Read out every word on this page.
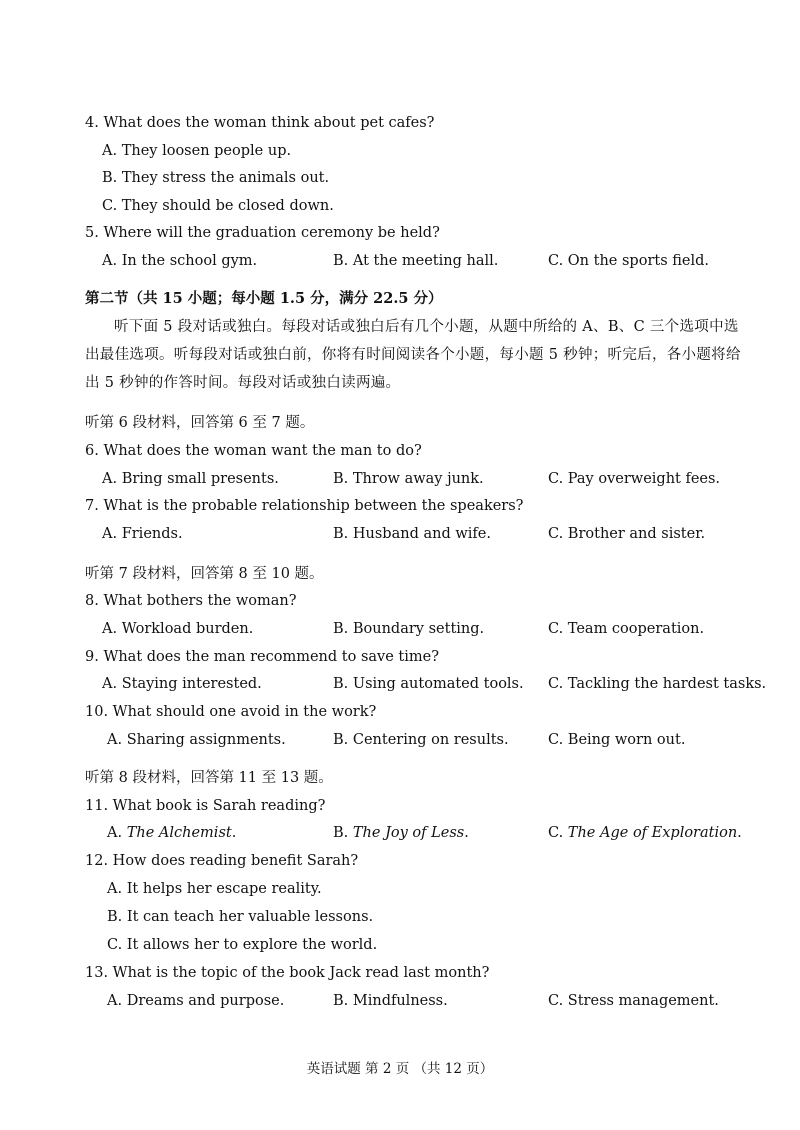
4. What does the woman think about pet cafes?
A. They loosen people up.
B. They stress the animals out.
C. They should be closed down.
5. Where will the graduation ceremony be held?
A. In the school gym.	B. At the meeting hall.	C. On the sports field.
第二节（共 15 小题；每小题 1.5 分，满分 22.5 分）
听下面 5 段对话或独白。每段对话或独白后有几个小题，从题中所给的 A、B、C 三个选项中选出最佳选项。听每段对话或独白前，你将有时间阅读各个小题，每小题 5 秒钟；听完后，各小题将给出 5 秒钟的作答时间。每段对话或独白读两遍。
听第 6 段材料，回答第 6 至 7 题。
6. What does the woman want the man to do?
A. Bring small presents.	B. Throw away junk.	C. Pay overweight fees.
7. What is the probable relationship between the speakers?
A. Friends.	B. Husband and wife.	C. Brother and sister.
听第 7 段材料，回答第 8 至 10 题。
8. What bothers the woman?
A. Workload burden.	B. Boundary setting.	C. Team cooperation.
9. What does the man recommend to save time?
A. Staying interested.	B. Using automated tools. C. Tackling the hardest tasks.
10. What should one avoid in the work?
A. Sharing assignments.	B. Centering on results.	C. Being worn out.
听第 8 段材料，回答第 11 至 13 题。
11. What book is Sarah reading?
A. The Alchemist.	B. The Joy of Less.	C. The Age of Exploration.
12. How does reading benefit Sarah?
A. It helps her escape reality.
B. It can teach her valuable lessons.
C. It allows her to explore the world.
13. What is the topic of the book Jack read last month?
A. Dreams and purpose.	B. Mindfulness.	C. Stress management.
英语试题 第 2 页 （共 12 页）
